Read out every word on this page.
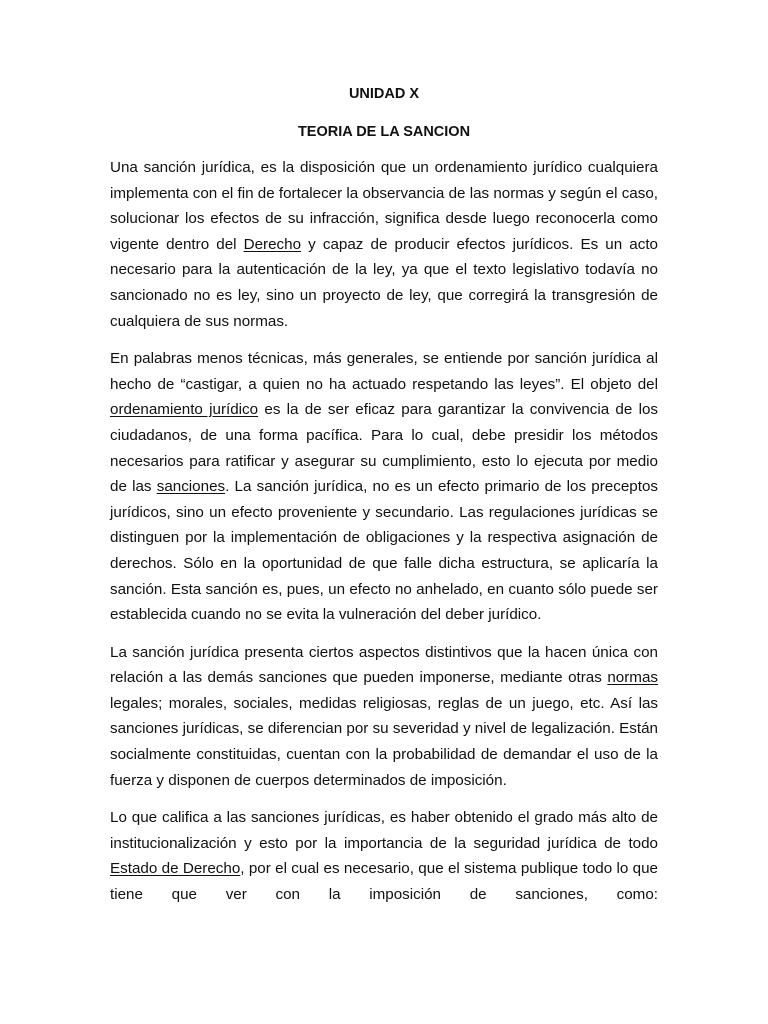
UNIDAD X
TEORIA DE LA SANCION

Una sanción jurídica, es la disposición que un ordenamiento jurídico cualquiera implementa con el fin de fortalecer la observancia de las normas y según el caso, solucionar los efectos de su infracción, significa desde luego reconocerla como vigente dentro del Derecho y capaz de producir efectos jurídicos. Es un acto necesario para la autenticación de la ley, ya que el texto legislativo todavía no sancionado no es ley, sino un proyecto de ley, que corregirá la transgresión de cualquiera de sus normas.

En palabras menos técnicas, más generales, se entiende por sanción jurídica al hecho de “castigar, a quien no ha actuado respetando las leyes”. El objeto del ordenamiento jurídico es la de ser eficaz para garantizar la convivencia de los ciudadanos, de una forma pacífica. Para lo cual, debe presidir los métodos necesarios para ratificar y asegurar su cumplimiento, esto lo ejecuta por medio de las sanciones. La sanción jurídica, no es un efecto primario de los preceptos jurídicos, sino un efecto proveniente y secundario. Las regulaciones jurídicas se distinguen por la implementación de obligaciones y la respectiva asignación de derechos. Sólo en la oportunidad de que falle dicha estructura, se aplicaría la sanción. Esta sanción es, pues, un efecto no anhelado, en cuanto sólo puede ser establecida cuando no se evita la vulneración del deber jurídico.

La sanción jurídica presenta ciertos aspectos distintivos que la hacen única con relación a las demás sanciones que pueden imponerse, mediante otras normas legales; morales, sociales, medidas religiosas, reglas de un juego, etc. Así las sanciones jurídicas, se diferencian por su severidad y nivel de legalización. Están socialmente constituidas, cuentan con la probabilidad de demandar el uso de la fuerza y disponen de cuerpos determinados de imposición.

Lo que califica a las sanciones jurídicas, es haber obtenido el grado más alto de institucionalización y esto por la importancia de la seguridad jurídica de todo Estado de Derecho, por el cual es necesario, que el sistema publique todo lo que tiene que ver con la imposición de sanciones, como:
